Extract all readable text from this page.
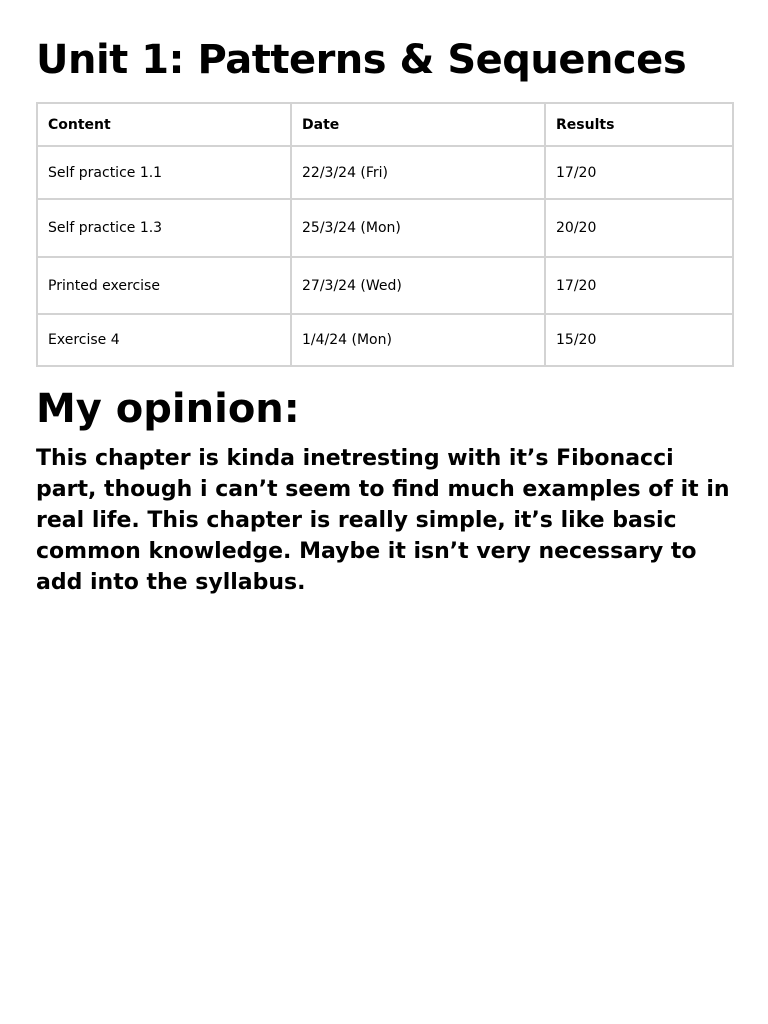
Unit 1: Patterns & Sequences
Content	Date	Results
Self practice 1.1	22/3/24 (Fri)	17/20
Self practice 1.3	25/3/24 (Mon)	20/20
Printed exercise	27/3/24 (Wed)	17/20
Exercise 4	1/4/24 (Mon)	15/20
My opinion:

This chapter is kinda inetresting with it’s Fibonacci part, though i can’t seem to find much examples of it in real life. This chapter is really simple, it’s like basic common knowledge. Maybe it isn’t very necessary to add into the syllabus.
